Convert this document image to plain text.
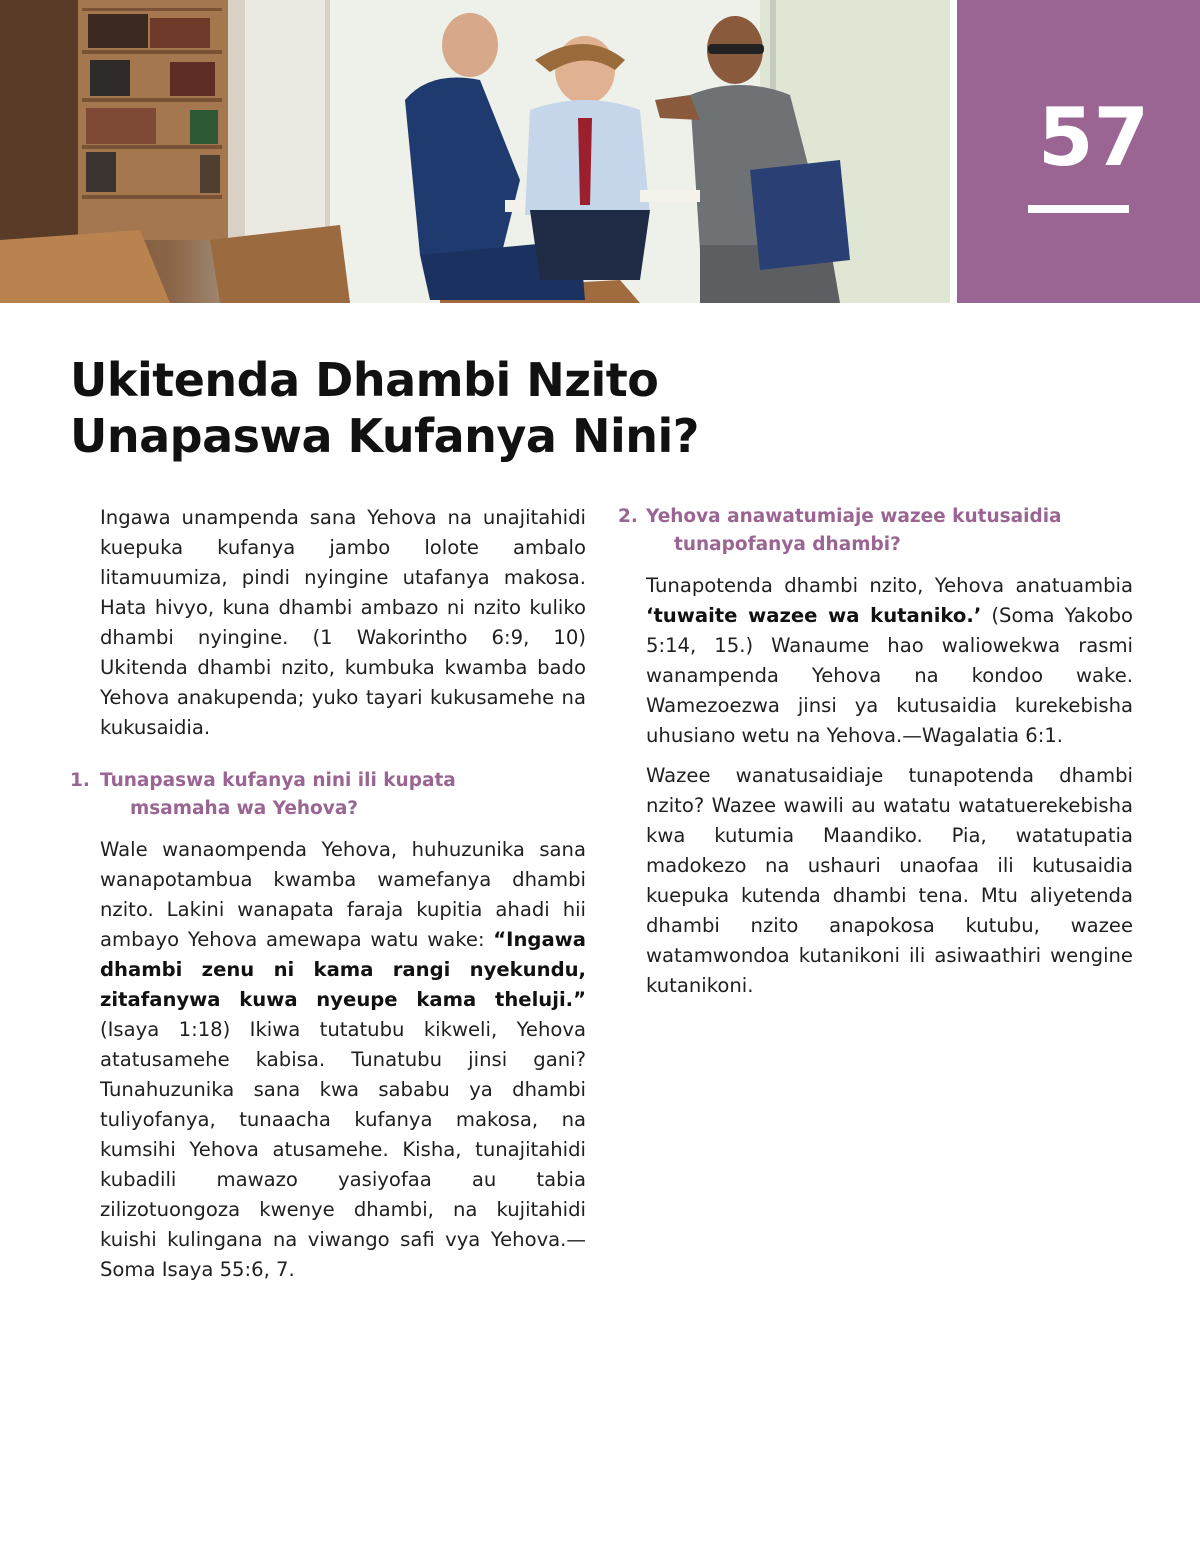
57
Ukitenda Dhambi Nzito
Unapaswa Kufanya Nini?

Ingawa unampenda sana Yehova na unajitahidi kuepuka kufanya jambo lolote ambalo litamuumiza, pindi nyingine utafanya makosa. Hata hivyo, kuna dhambi ambazo ni nzito kuliko dhambi nyingine. (1 Wakorintho 6:9, 10) Ukitenda dhambi nzito, kumbuka kwamba bado Yehova anakupenda; yuko tayari kukusamehe na kukusaidia.

1. Tunapaswa kufanya nini ili kupata
msamaha wa Yehova?

Wale wanaompenda Yehova, huhuzunika sana wanapotambua kwamba wamefanya dhambi nzito. Lakini wanapata faraja kupitia ahadi hii ambayo Yehova amewapa watu wake: “Ingawa dhambi zenu ni kama rangi nyekundu, zitafanywa kuwa nyeupe kama theluji.” (Isaya 1:18) Ikiwa tutatubu kikweli, Yehova atatusamehe kabisa. Tunatubu jinsi gani? Tunahuzunika sana kwa sababu ya dhambi tuliyofanya, tunaacha kufanya makosa, na kumsihi Yehova atusamehe. Kisha, tunajitahidi kubadili mawazo yasiyofaa au tabia zilizotuongoza kwenye dhambi, na kujitahidi kuishi kulingana na viwango safi vya Yehova.—Soma Isaya 55:6, 7.

2. Yehova anawatumiaje wazee kutusaidia
tunapofanya dhambi?

Tunapotenda dhambi nzito, Yehova anatuambia ‘tuwaite wazee wa kutaniko.’ (Soma Yakobo 5:14, 15.) Wanaume hao waliowekwa rasmi wanampenda Yehova na kondoo wake. Wamezoezwa jinsi ya kutusaidia kurekebisha uhusiano wetu na Yehova.—Wagalatia 6:1.

Wazee wanatusaidiaje tunapotenda dhambi nzito? Wazee wawili au watatu watatuerekebisha kwa kutumia Maandiko. Pia, watatupatia madokezo na ushauri unaofaa ili kutusaidia kuepuka kutenda dhambi tena. Mtu aliyetenda dhambi nzito anapokosa kutubu, wazee watamwondoa kutanikoni ili asiwaathiri wengine kutanikoni.
